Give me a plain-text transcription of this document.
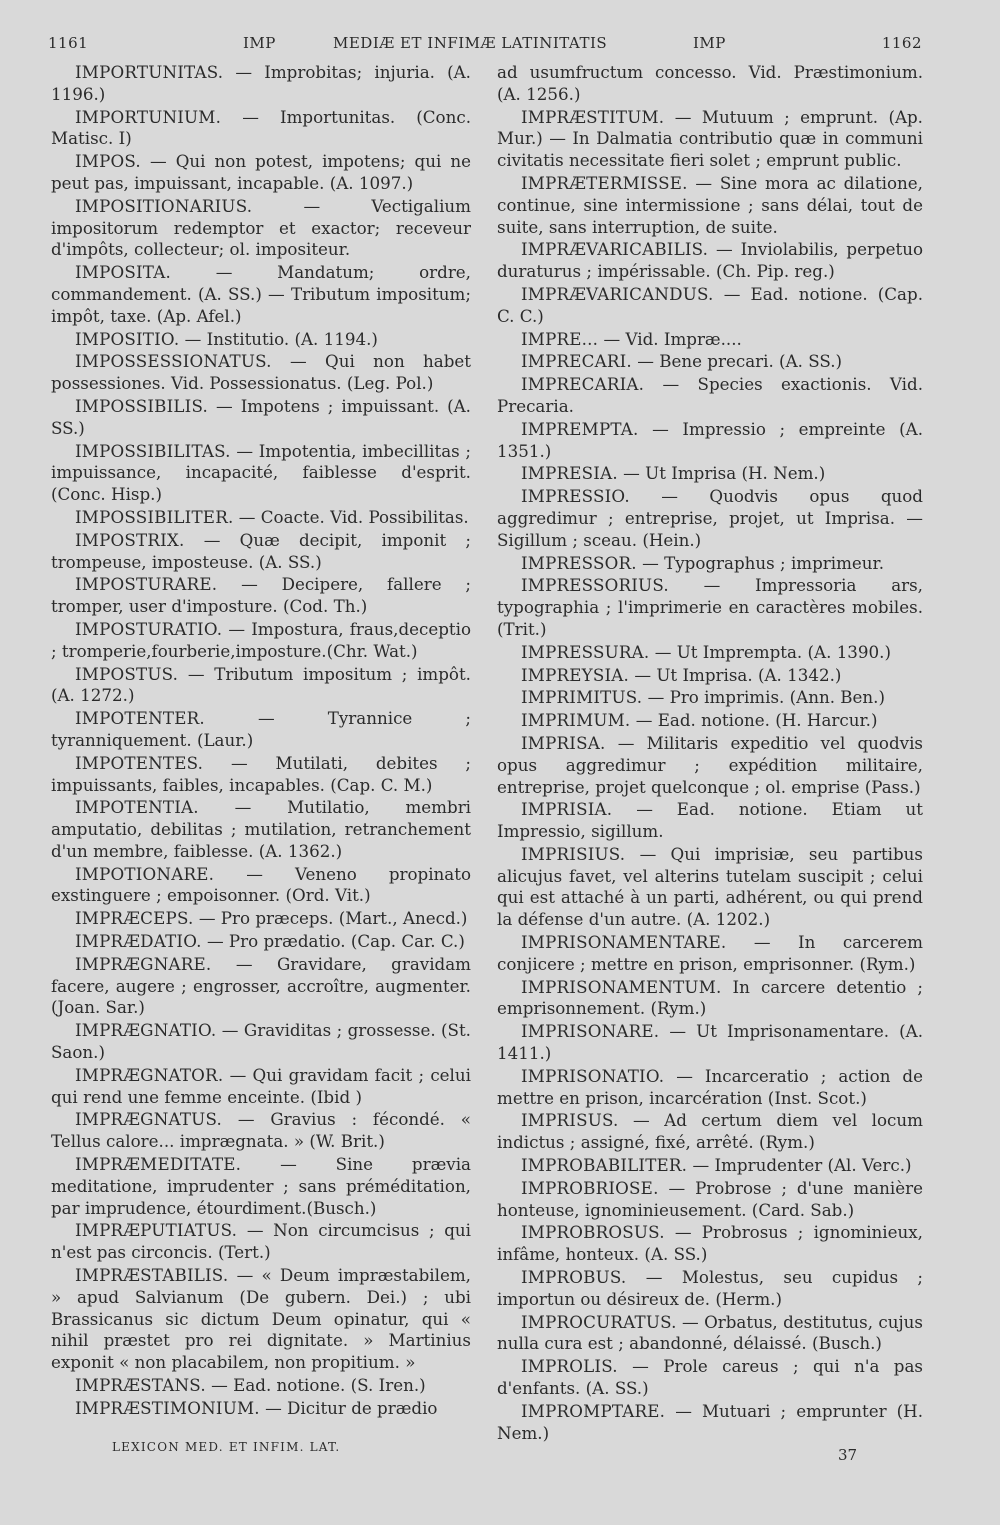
1161	IMP	MEDIÆ ET INFIMÆ LATINITATIS	IMP	1162

IMPORTUNITAS. — Improbitas; injuria. (A. 1196.)

IMPORTUNIUM. — Importunitas. (Conc. Matisc. I)

IMPOS. — Qui non potest, impotens; qui ne peut pas, impuissant, incapable. (A. 1097.)

IMPOSITIONARIUS.	— Vectigalium impositorum redemptor et exactor; receveur d'impôts, collecteur; ol. impositeur.

IMPOSITA.	— Mandatum; ordre, commandement. (A. SS.) — Tributum impositum; impôt, taxe. (Ap. Afel.)

IMPOSITIO. — Institutio. (A. 1194.)

IMPOSSESSIONATUS. — Qui non habet possessiones. Vid. Possessionatus. (Leg. Pol.)

IMPOSSIBILIS. — Impotens ; impuissant. (A. SS.)

IMPOSSIBILITAS. — Impotentia, imbecillitas ; impuissance, incapacité, faiblesse d'esprit. (Conc. Hisp.)

IMPOSSIBILITER. — Coacte. Vid. Possibilitas.

IMPOSTRIX. — Quæ decipit, imponit ; trompeuse, imposteuse. (A. SS.)

IMPOSTURARE. — Decipere, fallere ; tromper, user d'imposture. (Cod. Th.)

IMPOSTURATIO. — Impostura, fraus,deceptio ; tromperie,fourberie,imposture.(Chr. Wat.)

IMPOSTUS. — Tributum impositum ; impôt. (A. 1272.)

IMPOTENTER.	— Tyrannice ; tyranniquement. (Laur.)

IMPOTENTES. — Mutilati, debites ; impuissants, faibles, incapables. (Cap. C. M.)

IMPOTENTIA. — Mutilatio, membri amputatio, debilitas ; mutilation, retranchement d'un membre, faiblesse. (A. 1362.)

IMPOTIONARE. — Veneno propinato exstinguere ; empoisonner. (Ord. Vit.)

IMPRÆCEPS. — Pro præceps. (Mart., Anecd.)

IMPRÆDATIO. — Pro prædatio. (Cap. Car. C.)

IMPRÆGNARE. — Gravidare, gravidam facere, augere ; engrosser, accroître, augmenter. (Joan. Sar.)

IMPRÆGNATIO. — Graviditas ; grossesse. (St. Saon.)

IMPRÆGNATOR. — Qui gravidam facit ; celui qui rend une femme enceinte. (Ibid )

IMPRÆGNATUS. — Gravius : fécondé. « Tellus calore... imprægnata. » (W. Brit.)

IMPRÆMEDITATE. — Sine prævia meditatione, imprudenter ; sans préméditation, par imprudence, étourdiment.(Busch.)

IMPRÆPUTIATUS. — Non circumcisus ; qui n'est pas circoncis. (Tert.)

IMPRÆSTABILIS. — « Deum impræstabilem, » apud Salvianum (De gubern. Dei.) ; ubi Brassicanus sic dictum Deum opinatur, qui « nihil præstet pro rei dignitate. » Martinius exponit « non placabilem, non propitium. »

IMPRÆSTANS. — Ead. notione. (S. Iren.)

IMPRÆSTIMONIUM. — Dicitur de prædio

ad usumfructum concesso. Vid. Præstimonium. (A. 1256.)

IMPRÆSTITUM. — Mutuum ; emprunt. (Ap. Mur.) — In Dalmatia contributio quæ in communi civitatis necessitate fieri solet ; emprunt public.

IMPRÆTERMISSE. — Sine mora ac dilatione, continue, sine intermissione ; sans délai, tout de suite, sans interruption, de suite.

IMPRÆVARICABILIS. — Inviolabilis, perpetuo duraturus ; impérissable. (Ch. Pip. reg.)

IMPRÆVARICANDUS. — Ead. notione. (Cap. C. C.)

IMPRE... — Vid. Impræ....

IMPRECARI. — Bene precari. (A. SS.)

IMPRECARIA. — Species exactionis. Vid. Precaria.

IMPREMPTA. — Impressio ; empreinte (A. 1351.)

IMPRESIA. — Ut Imprisa (H. Nem.)

IMPRESSIO. — Quodvis opus quod aggredimur ; entreprise, projet, ut Imprisa. — Sigillum ; sceau. (Hein.)

IMPRESSOR. — Typographus ; imprimeur.

IMPRESSORIUS. — Impressoria ars, typographia ; l'imprimerie en caractères mobiles. (Trit.)

IMPRESSURA. — Ut Imprempta. (A. 1390.)

IMPREYSIA. — Ut Imprisa. (A. 1342.)

IMPRIMITUS. — Pro imprimis. (Ann. Ben.)

IMPRIMUM. — Ead. notione. (H. Harcur.)

IMPRISA. — Militaris expeditio vel quodvis opus aggredimur ; expédition militaire, entreprise, projet quelconque ; ol. emprise (Pass.)

IMPRISIA. — Ead. notione. Etiam ut Impressio, sigillum.

IMPRISIUS. — Qui imprisiæ, seu partibus alicujus favet, vel alterins tutelam suscipit ; celui qui est attaché à un parti, adhérent, ou qui prend la défense d'un autre. (A. 1202.)

IMPRISONAMENTARE. — In carcerem conjicere ; mettre en prison, emprisonner. (Rym.)

IMPRISONAMENTUM. In carcere detentio ; emprisonnement. (Rym.)

IMPRISONARE. — Ut Imprisonamentare. (A. 1411.)

IMPRISONATIO. — Incarceratio ; action de mettre en prison, incarcération (Inst. Scot.)

IMPRISUS. — Ad certum diem vel locum indictus ; assigné, fixé, arrêté. (Rym.)

IMPROBABILITER. — Imprudenter (Al. Verc.)

IMPROBRIOSE. — Probrose ; d'une manière honteuse, ignominieusement. (Card. Sab.)

IMPROBROSUS. — Probrosus ; ignominieux, infâme, honteux. (A. SS.)

IMPROBUS. — Molestus, seu cupidus ; importun ou désireux de. (Herm.)

IMPROCURATUS. — Orbatus, destitutus, cujus nulla cura est ; abandonné, délaissé. (Busch.)

IMPROLIS. — Prole careus ; qui n'a pas d'enfants. (A. SS.)

IMPROMPTARE. — Mutuari ; emprunter (H. Nem.)

LEXICON MED. ET INFIM. LAT.	37
